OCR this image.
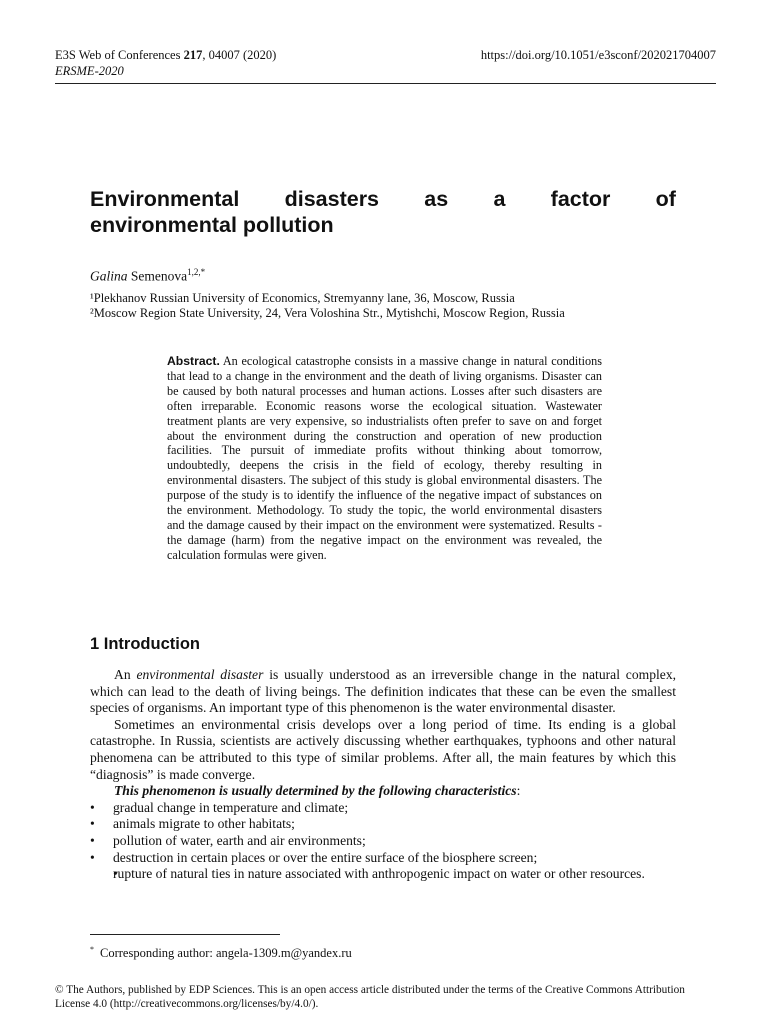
E3S Web of Conferences 217, 04007 (2020)
ERSME-2020
https://doi.org/10.1051/e3sconf/202021704007
Environmental disasters as a factor of
environmental pollution
Galina Semenova$^{1,2,*}$
¹Plekhanov Russian University of Economics, Stremyanny lane, 36, Moscow, Russia
²Moscow Region State University, 24, Vera Voloshina Str., Mytishchi, Moscow Region, Russia

Abstract. An ecological catastrophe consists in a massive change in natural conditions that lead to a change in the environment and the death of living organisms. Disaster can be caused by both natural processes and human actions. Losses after such disasters are often irreparable. Economic reasons worse the ecological situation. Wastewater treatment plants are very expensive, so industrialists often prefer to save on and forget about the environment during the construction and operation of new production facilities. The pursuit of immediate profits without thinking about tomorrow, undoubtedly, deepens the crisis in the field of ecology, thereby resulting in environmental disasters. The subject of this study is global environmental disasters. The purpose of the study is to identify the influence of the negative impact of substances on the environment. Methodology. To study the topic, the world environmental disasters and the damage caused by their impact on the environment were systematized. Results - the damage (harm) from the negative impact on the environment was revealed, the calculation formulas were given.

1 Introduction

An environmental disaster is usually understood as an irreversible change in the natural complex, which can lead to the death of living beings. The definition indicates that these can be even the smallest species of organisms. An important type of this phenomenon is the water environmental disaster.

Sometimes an environmental crisis develops over a long period of time. Its ending is a global catastrophe. In Russia, scientists are actively discussing whether earthquakes, typhoons and other natural phenomena can be attributed to this type of similar problems. After all, the main features by which this “diagnosis” is made converge.

This phenomenon is usually determined by the following characteristics:

• gradual change in temperature and climate;
• animals migrate to other habitats;
• pollution of water, earth and air environments;
• destruction in certain places or over the entire surface of the biosphere screen;
• rupture of natural ties in nature associated with anthropogenic impact on water or other resources.
* Corresponding author: angela-1309.m@yandex.ru
© The Authors, published by EDP Sciences. This is an open access article distributed under the terms of the Creative Commons Attribution License 4.0 (http://creativecommons.org/licenses/by/4.0/).
